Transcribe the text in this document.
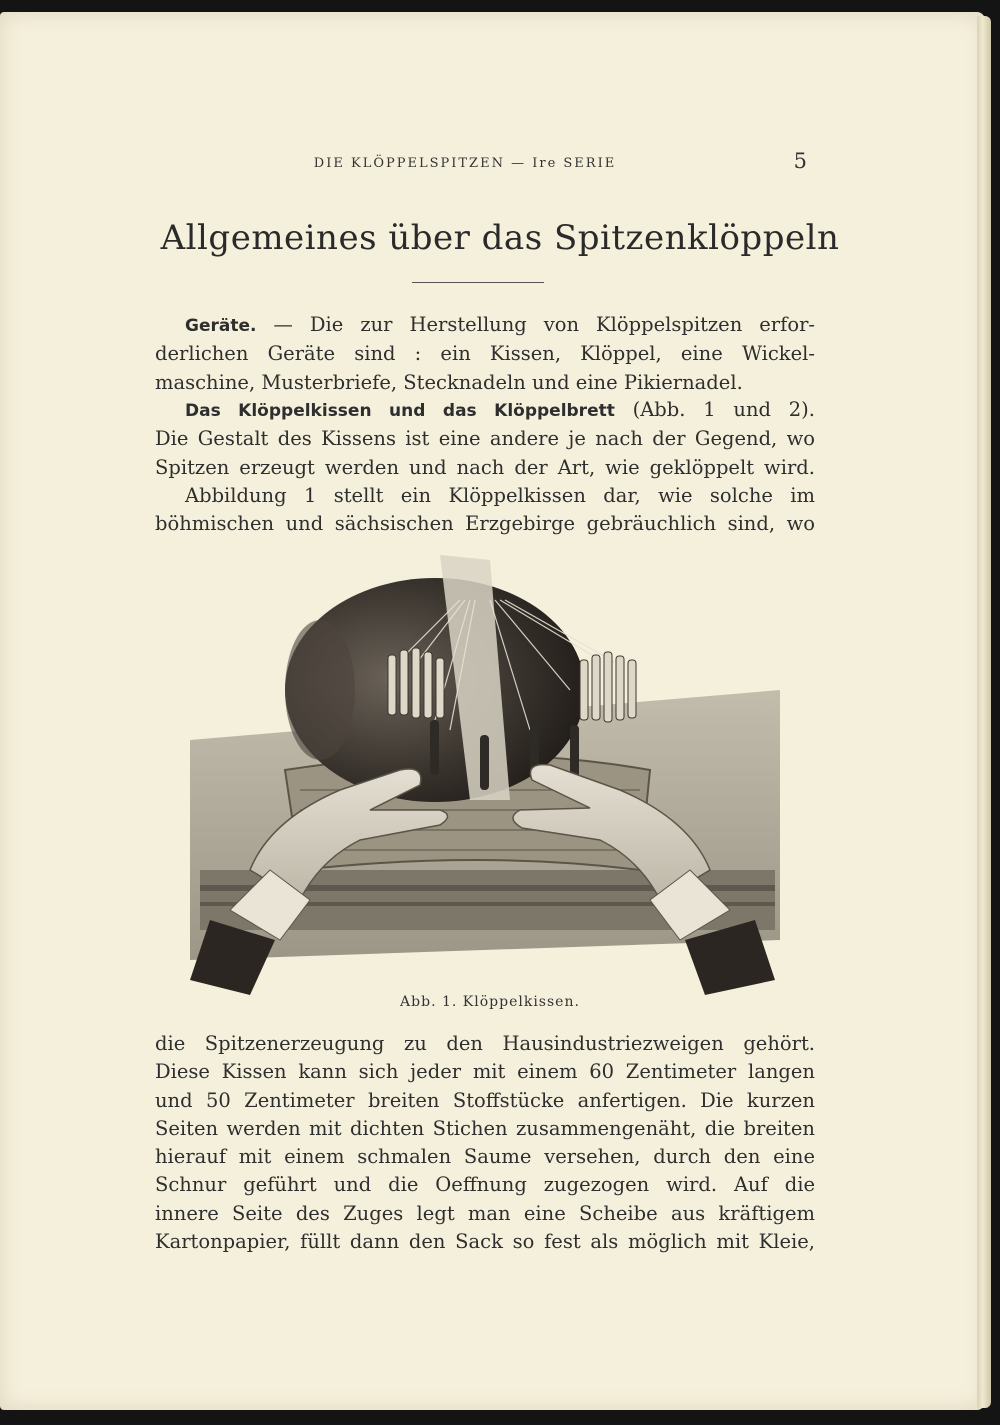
DIE KLÖPPELSPITZEN — Ire SERIE	5
Allgemeines über das Spitzenklöppeln
Geräte. — Die zur Herstellung von Klöppelspitzen erfor-
derlichen Geräte sind : ein Kissen, Klöppel, eine Wickel-
maschine, Musterbriefe, Stecknadeln und eine Pikiernadel.
Das Klöppelkissen und das Klöppelbrett (Abb. 1 und 2).
Die Gestalt des Kissens ist eine andere je nach der Gegend, wo
Spitzen erzeugt werden und nach der Art, wie geklöppelt wird.
Abbildung 1 stellt ein Klöppelkissen dar, wie solche im
böhmischen und sächsischen Erzgebirge gebräuchlich sind, wo
Abb. 1. Klöppelkissen.
die Spitzenerzeugung zu den Hausindustriezweigen gehört.
Diese Kissen kann sich jeder mit einem 60 Zentimeter langen
und 50 Zentimeter breiten Stoffstücke anfertigen. Die kurzen
Seiten werden mit dichten Stichen zusammengenäht, die breiten
hierauf mit einem schmalen Saume versehen, durch den eine
Schnur geführt und die Oeffnung zugezogen wird. Auf die
innere Seite des Zuges legt man eine Scheibe aus kräftigem
Kartonpapier, füllt dann den Sack so fest als möglich mit Kleie,
